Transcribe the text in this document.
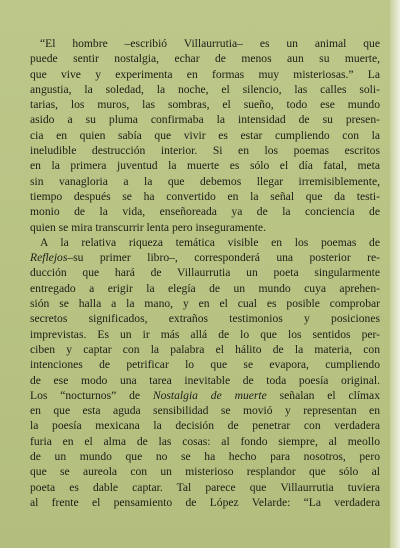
“El hombre –escribió Villaurrutia– es un animal que
puede sentir nostalgia, echar de menos aun su muerte,
que vive y experimenta en formas muy misteriosas.” La
angustia, la soledad, la noche, el silencio, las calles soli-
tarias, los muros, las sombras, el sueño, todo ese mundo
asido a su pluma confirmaba la intensidad de su presen-
cia en quien sabía que vivir es estar cumpliendo con la
ineludible destrucción interior. Si en los poemas escritos
en la primera juventud la muerte es sólo el día fatal, meta
sin vanagloria a la que debemos llegar irremisiblemente,
tiempo después se ha convertido en la señal que da testi-
monio de la vida, enseñoreada ya de la conciencia de
quien se mira transcurrir lenta pero inseguramente.

A la relativa riqueza temática visible en los poemas de
Reflejos–su primer libro–, corresponderá una posterior re-
ducción que hará de Villaurrutia un poeta singularmente
entregado a erigir la elegía de un mundo cuya aprehen-
sión se halla a la mano, y en el cual es posible comprobar
secretos significados, extraños testimonios y posiciones
imprevistas. Es un ir más allá de lo que los sentidos per-
ciben y captar con la palabra el hálito de la materia, con
intenciones de petrificar lo que se evapora, cumpliendo
de ese modo una tarea inevitable de toda poesía original.
Los “nocturnos” de Nostalgia de muerte señalan el clímax
en que esta aguda sensibilidad se movió y representan en
la poesía mexicana la decisión de penetrar con verdadera
furia en el alma de las cosas: al fondo siempre, al meollo
de un mundo que no se ha hecho para nosotros, pero
que se aureola con un misterioso resplandor que sólo al
poeta es dable captar. Tal parece que Villaurrutia tuviera
al frente el pensamiento de López Velarde: “La verdadera
